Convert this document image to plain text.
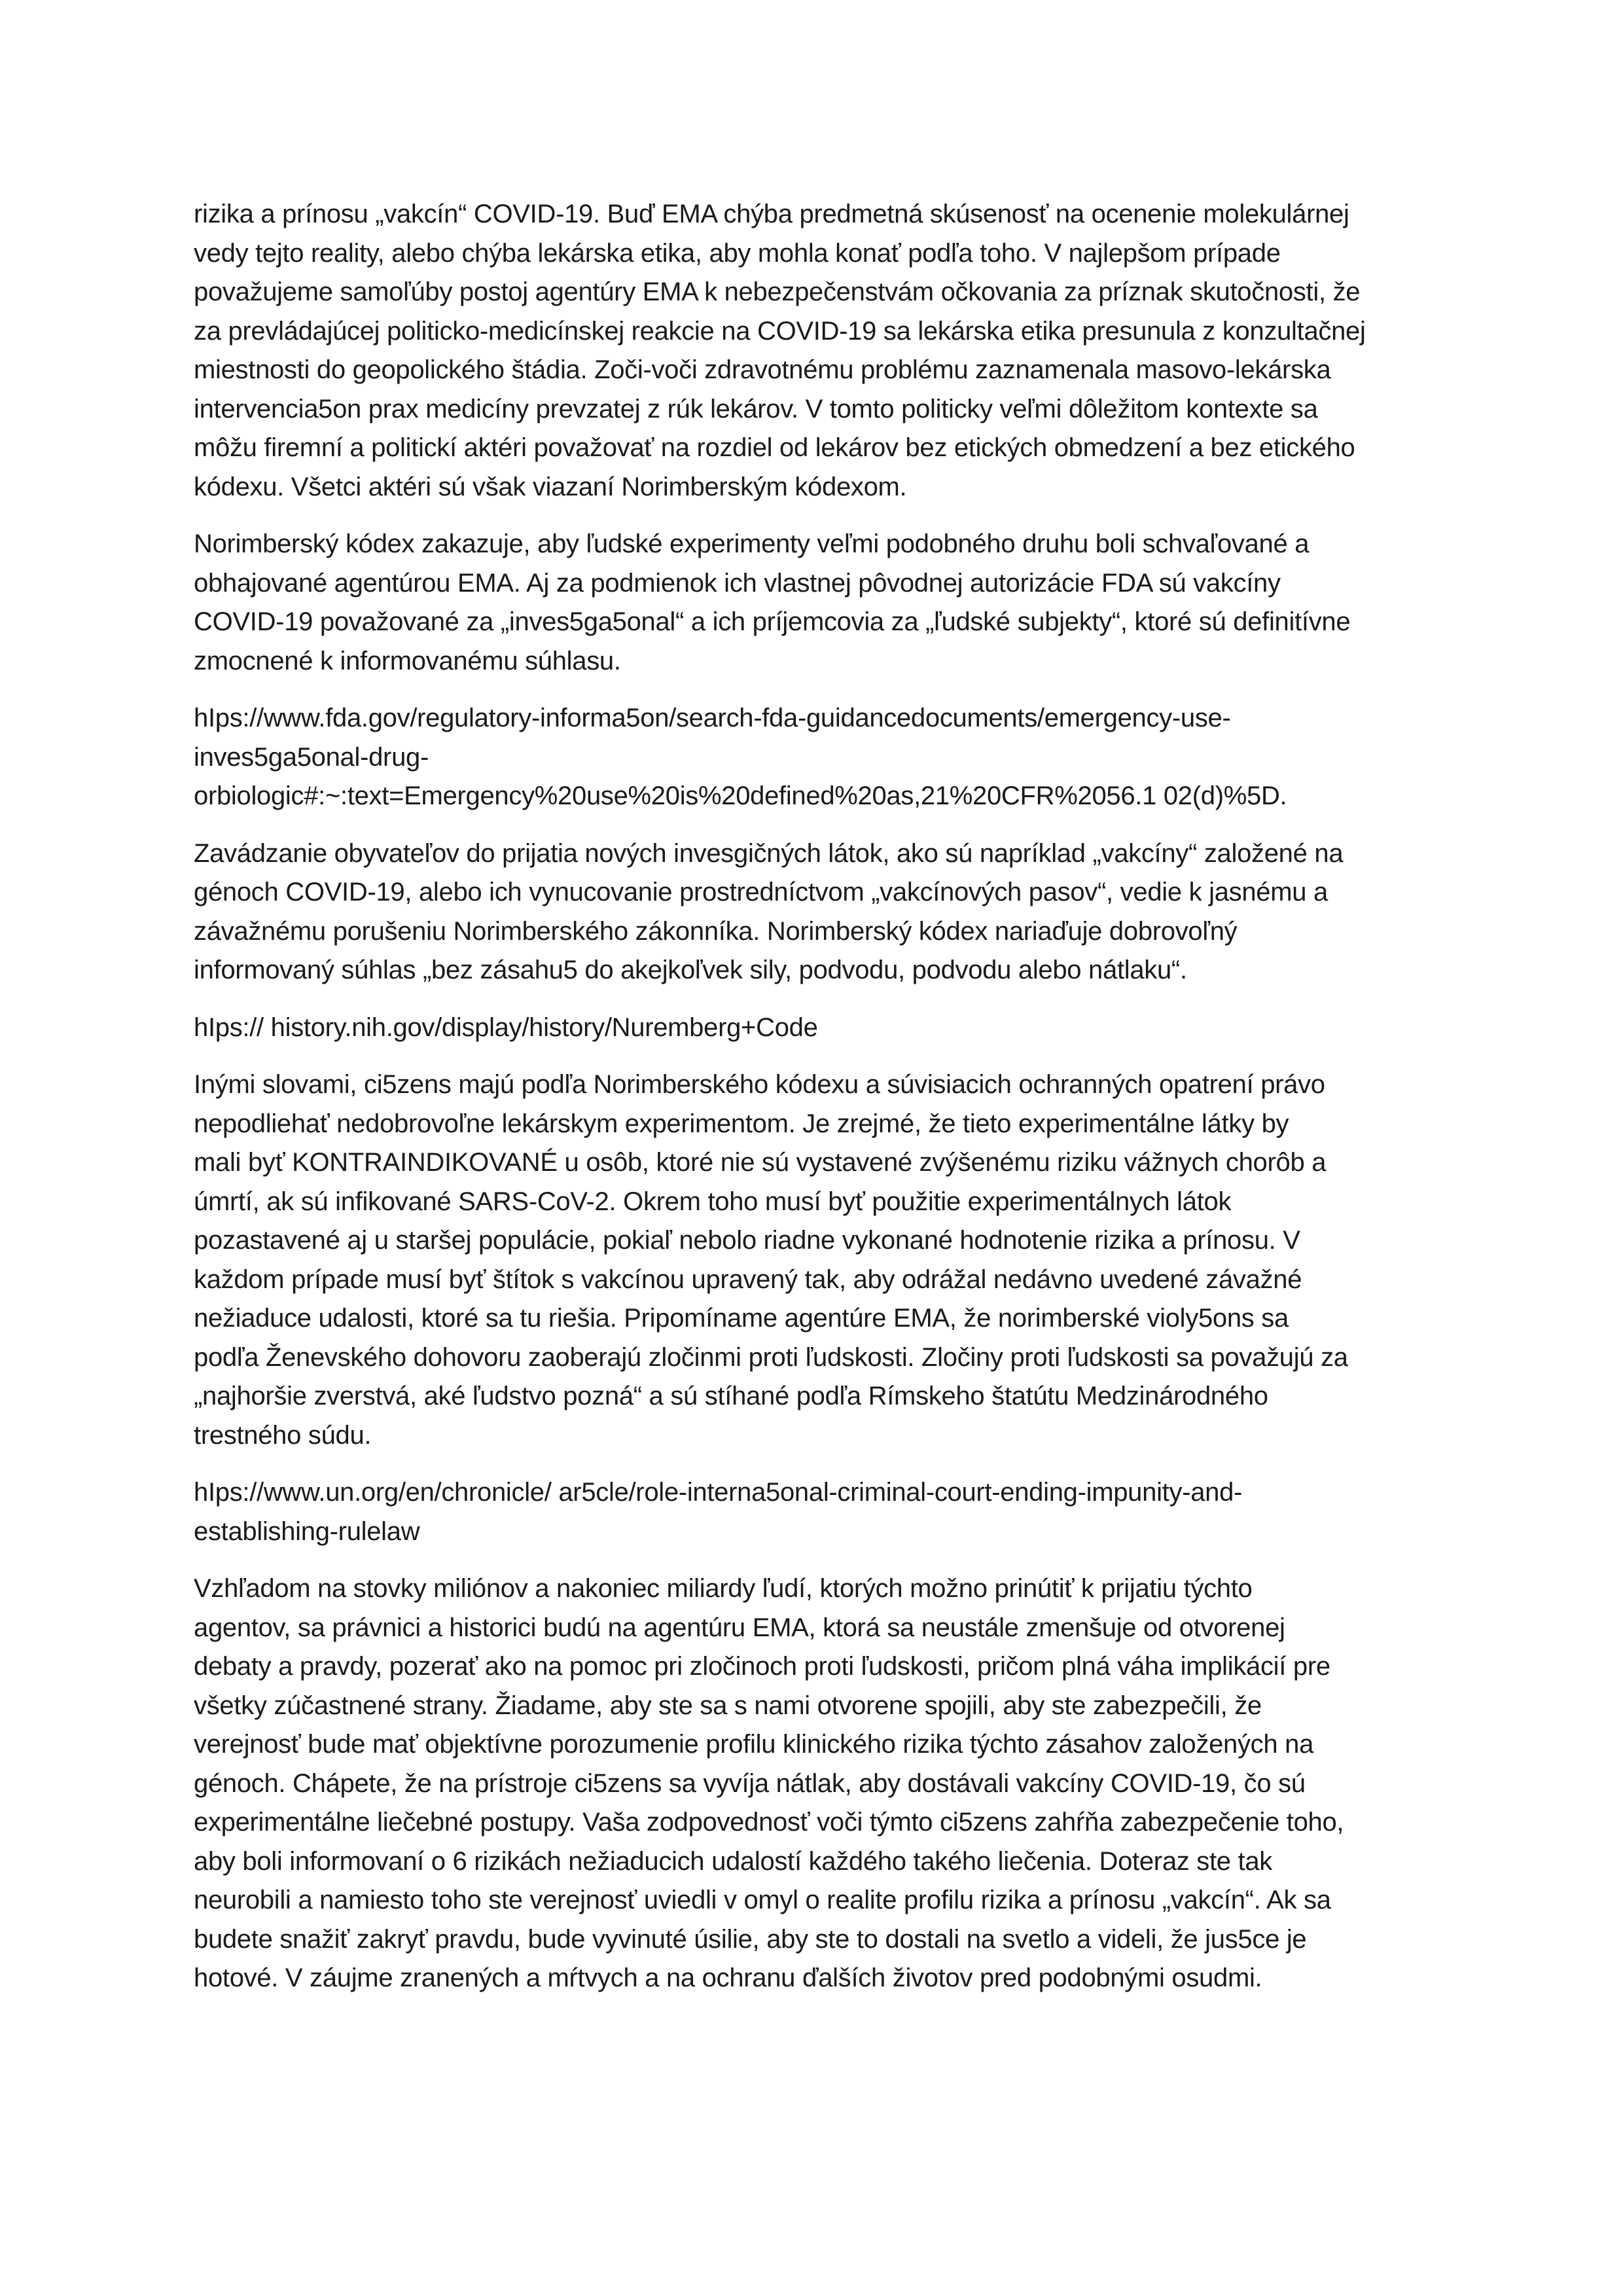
rizika a prínosu „vakcín“ COVID-19. Buď EMA chýba predmetná skúsenosť na ocenenie molekulárnej
vedy tejto reality, alebo chýba lekárska etika, aby mohla konať podľa toho. V najlepšom prípade
považujeme samoľúby postoj agentúry EMA k nebezpečenstvám očkovania za príznak skutočnosti, že
za prevládajúcej politicko-medicínskej reakcie na COVID-19 sa lekárska etika presunula z konzultačnej
miestnosti do geopolického štádia. Zoči-voči zdravotnému problému zaznamenala masovo-lekárska
intervencia5on prax medicíny prevzatej z rúk lekárov. V tomto politicky veľmi dôležitom kontexte sa
môžu firemní a politickí aktéri považovať na rozdiel od lekárov bez etických obmedzení a bez etického
kódexu. Všetci aktéri sú však viazaní Norimberským kódexom.

Norimberský kódex zakazuje, aby ľudské experimenty veľmi podobného druhu boli schvaľované a
obhajované agentúrou EMA. Aj za podmienok ich vlastnej pôvodnej autorizácie FDA sú vakcíny
COVID-19 považované za „inves5ga5onal“ a ich príjemcovia za „ľudské subjekty“, ktoré sú definitívne
zmocnené k informovanému súhlasu.

hIps://www.fda.gov/regulatory-informa5on/search-fda-guidancedocuments/emergency-use-
inves5ga5onal-drug-
orbiologic#:~:text=Emergency%20use%20is%20defined%20as,21%20CFR%2056.1 02(d)%5D.

Zavádzanie obyvateľov do prijatia nových invesgičných látok, ako sú napríklad „vakcíny“ založené na
génoch COVID-19, alebo ich vynucovanie prostredníctvom „vakcínových pasov“, vedie k jasnému a
závažnému porušeniu Norimberského zákonníka. Norimberský kódex nariaďuje dobrovoľný
informovaný súhlas „bez zásahu5 do akejkoľvek sily, podvodu, podvodu alebo nátlaku“.

hIps:// history.nih.gov/display/history/Nuremberg+Code

Inými slovami, ci5zens majú podľa Norimberského kódexu a súvisiacich ochranných opatrení právo
nepodliehať nedobrovoľne lekárskym experimentom. Je zrejmé, že tieto experimentálne látky by
mali byť KONTRAINDIKOVANÉ u osôb, ktoré nie sú vystavené zvýšenému riziku vážnych chorôb a
úmrtí, ak sú infikované SARS-CoV-2. Okrem toho musí byť použitie experimentálnych látok
pozastavené aj u staršej populácie, pokiaľ nebolo riadne vykonané hodnotenie rizika a prínosu. V
každom prípade musí byť štítok s vakcínou upravený tak, aby odrážal nedávno uvedené závažné
nežiaduce udalosti, ktoré sa tu riešia. Pripomíname agentúre EMA, že norimberské violy5ons sa
podľa Ženevského dohovoru zaoberajú zločinmi proti ľudskosti. Zločiny proti ľudskosti sa považujú za
„najhoršie zverstvá, aké ľudstvo pozná“ a sú stíhané podľa Rímskeho štatútu Medzinárodného
trestného súdu.

hIps://www.un.org/en/chronicle/ ar5cle/role-interna5onal-criminal-court-ending-impunity-and-
establishing-rulelaw

Vzhľadom na stovky miliónov a nakoniec miliardy ľudí, ktorých možno prinútiť k prijatiu týchto
agentov, sa právnici a historici budú na agentúru EMA, ktorá sa neustále zmenšuje od otvorenej
debaty a pravdy, pozerať ako na pomoc pri zločinoch proti ľudskosti, pričom plná váha implikácií pre
všetky zúčastnené strany. Žiadame, aby ste sa s nami otvorene spojili, aby ste zabezpečili, že
verejnosť bude mať objektívne porozumenie profilu klinického rizika týchto zásahov založených na
génoch. Chápete, že na prístroje ci5zens sa vyvíja nátlak, aby dostávali vakcíny COVID-19, čo sú
experimentálne liečebné postupy. Vaša zodpovednosť voči týmto ci5zens zahŕňa zabezpečenie toho,
aby boli informovaní o 6 rizikách nežiaducich udalostí každého takého liečenia. Doteraz ste tak
neurobili a namiesto toho ste verejnosť uviedli v omyl o realite profilu rizika a prínosu „vakcín“. Ak sa
budete snažiť zakryť pravdu, bude vyvinuté úsilie, aby ste to dostali na svetlo a videli, že jus5ce je
hotové. V záujme zranených a mŕtvych a na ochranu ďalších životov pred podobnými osudmi.
